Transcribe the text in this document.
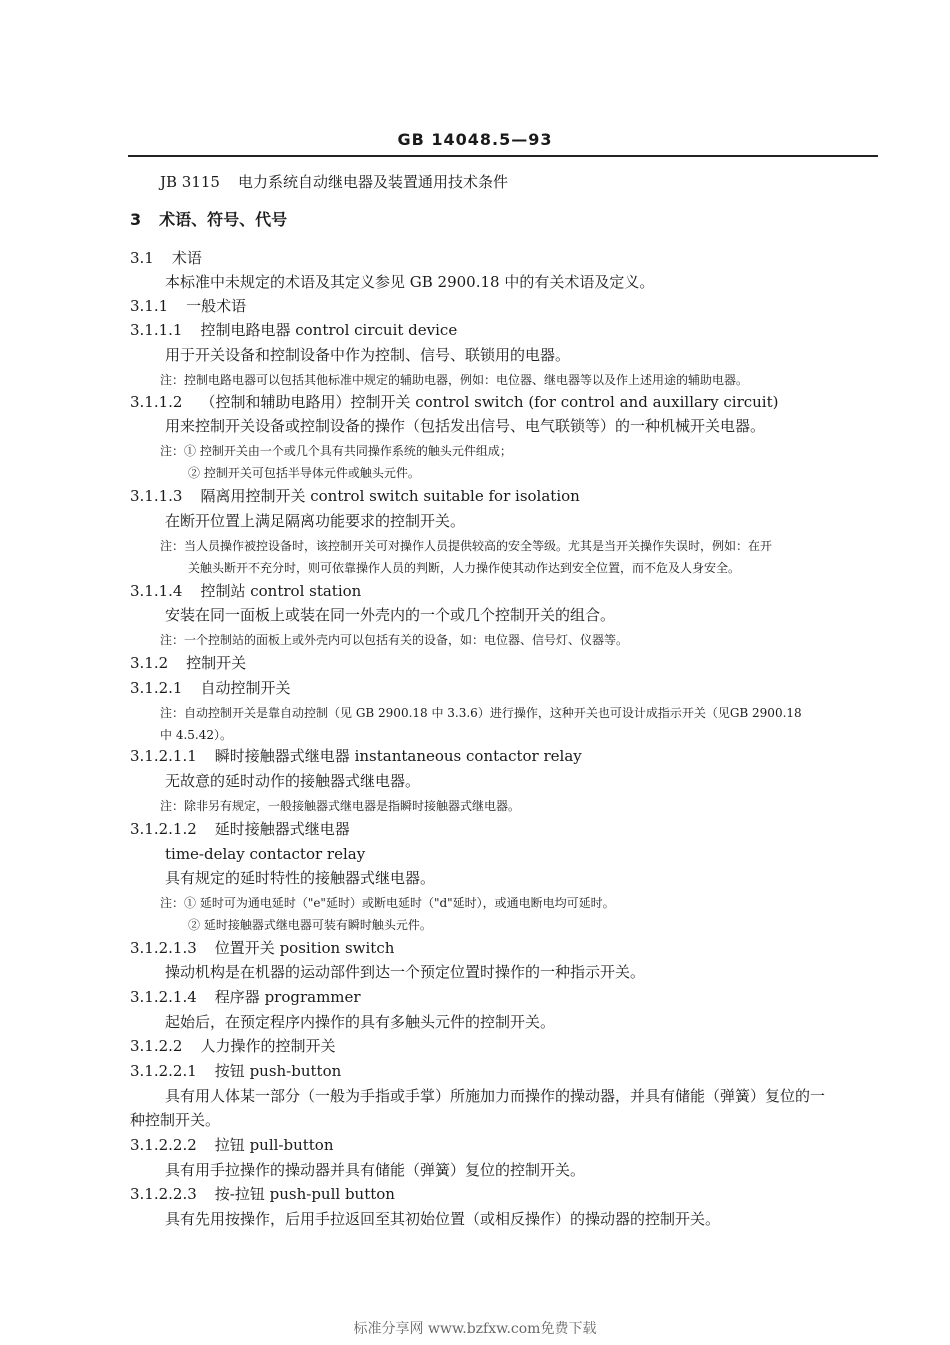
GB 14048.5—93
JB 3115 电力系统自动继电器及装置通用技术条件
3 术语、符号、代号
3.1 术语
本标准中未规定的术语及其定义参见 GB 2900.18 中的有关术语及定义。
3.1.1 一般术语
3.1.1.1 控制电路电器 control circuit device
用于开关设备和控制设备中作为控制、信号、联锁用的电器。
注：控制电路电器可以包括其他标准中规定的辅助电器，例如：电位器、继电器等以及作上述用途的辅助电器。
3.1.1.2 （控制和辅助电路用）控制开关 control switch (for control and auxillary circuit)
用来控制开关设备或控制设备的操作（包括发出信号、电气联锁等）的一种机械开关电器。
注：① 控制开关由一个或几个具有共同操作系统的触头元件组成；
② 控制开关可包括半导体元件或触头元件。
3.1.1.3 隔离用控制开关 control switch suitable for isolation
在断开位置上满足隔离功能要求的控制开关。
注：当人员操作被控设备时，该控制开关可对操作人员提供较高的安全等级。尤其是当开关操作失误时，例如：在开
关触头断开不充分时，则可依靠操作人员的判断，人力操作使其动作达到安全位置，而不危及人身安全。
3.1.1.4 控制站 control station
安装在同一面板上或装在同一外壳内的一个或几个控制开关的组合。
注：一个控制站的面板上或外壳内可以包括有关的设备，如：电位器、信号灯、仪器等。
3.1.2 控制开关
3.1.2.1 自动控制开关
注：自动控制开关是靠自动控制（见 GB 2900.18 中 3.3.6）进行操作，这种开关也可设计成指示开关（见GB 2900.18
中 4.5.42）。
3.1.2.1.1 瞬时接触器式继电器 instantaneous contactor relay
无故意的延时动作的接触器式继电器。
注：除非另有规定，一般接触器式继电器是指瞬时接触器式继电器。
3.1.2.1.2 延时接触器式继电器
time-delay contactor relay
具有规定的延时特性的接触器式继电器。
注：① 延时可为通电延时（"e"延时）或断电延时（"d"延时），或通电断电均可延时。
② 延时接触器式继电器可装有瞬时触头元件。
3.1.2.1.3 位置开关 position switch
操动机构是在机器的运动部件到达一个预定位置时操作的一种指示开关。
3.1.2.1.4 程序器 programmer
起始后，在预定程序内操作的具有多触头元件的控制开关。
3.1.2.2 人力操作的控制开关
3.1.2.2.1 按钮 push-button
具有用人体某一部分（一般为手指或手掌）所施加力而操作的操动器，并具有储能（弹簧）复位的一
种控制开关。
3.1.2.2.2 拉钮 pull-button
具有用手拉操作的操动器并具有储能（弹簧）复位的控制开关。
3.1.2.2.3 按-拉钮 push-pull button
具有先用按操作，后用手拉返回至其初始位置（或相反操作）的操动器的控制开关。
标准分享网 www.bzfxw.com免费下载
